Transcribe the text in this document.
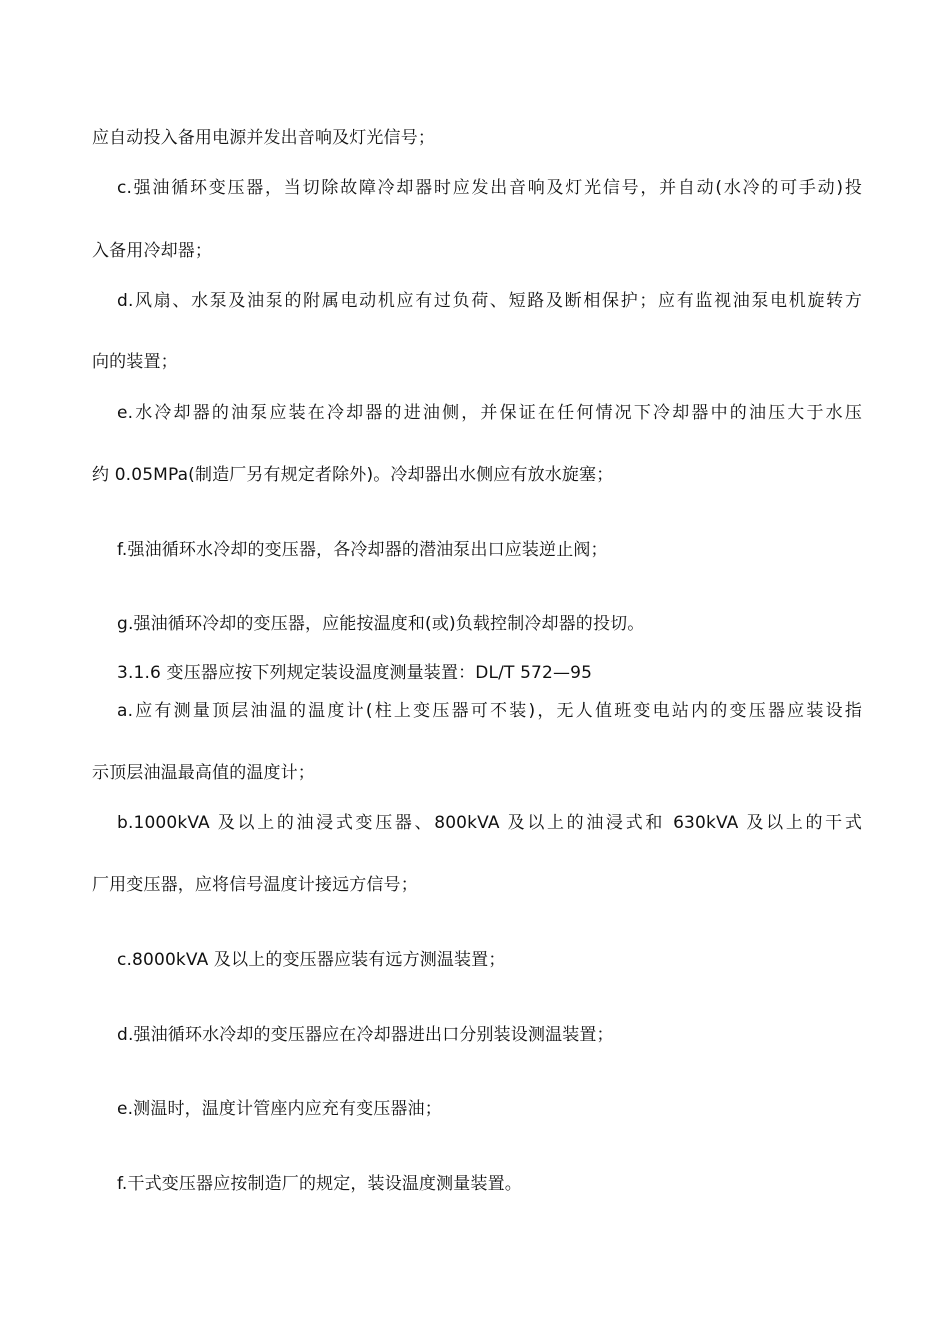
应自动投入备用电源并发出音响及灯光信号；

c.强油循环变压器，当切除故障冷却器时应发出音响及灯光信号，并自动(水冷的可手动)投

入备用冷却器；

d.风扇、水泵及油泵的附属电动机应有过负荷、短路及断相保护；应有监视油泵电机旋转方

向的装置；

e.水冷却器的油泵应装在冷却器的进油侧，并保证在任何情况下冷却器中的油压大于水压

约 0.05MPa(制造厂另有规定者除外)。冷却器出水侧应有放水旋塞；

f.强油循环水冷却的变压器，各冷却器的潜油泵出口应装逆止阀；

g.强油循环冷却的变压器，应能按温度和(或)负载控制冷却器的投切。

3.1.6 变压器应按下列规定装设温度测量装置：DL/T 572—95

a.应有测量顶层油温的温度计(柱上变压器可不装)，无人值班变电站内的变压器应装设指

示顶层油温最高值的温度计；

b.1000kVA 及以上的油浸式变压器、800kVA 及以上的油浸式和 630kVA 及以上的干式

厂用变压器，应将信号温度计接远方信号；

c.8000kVA 及以上的变压器应装有远方测温装置；

d.强油循环水冷却的变压器应在冷却器进出口分别装设测温装置；

e.测温时，温度计管座内应充有变压器油；

f.干式变压器应按制造厂的规定，装设温度测量装置。
